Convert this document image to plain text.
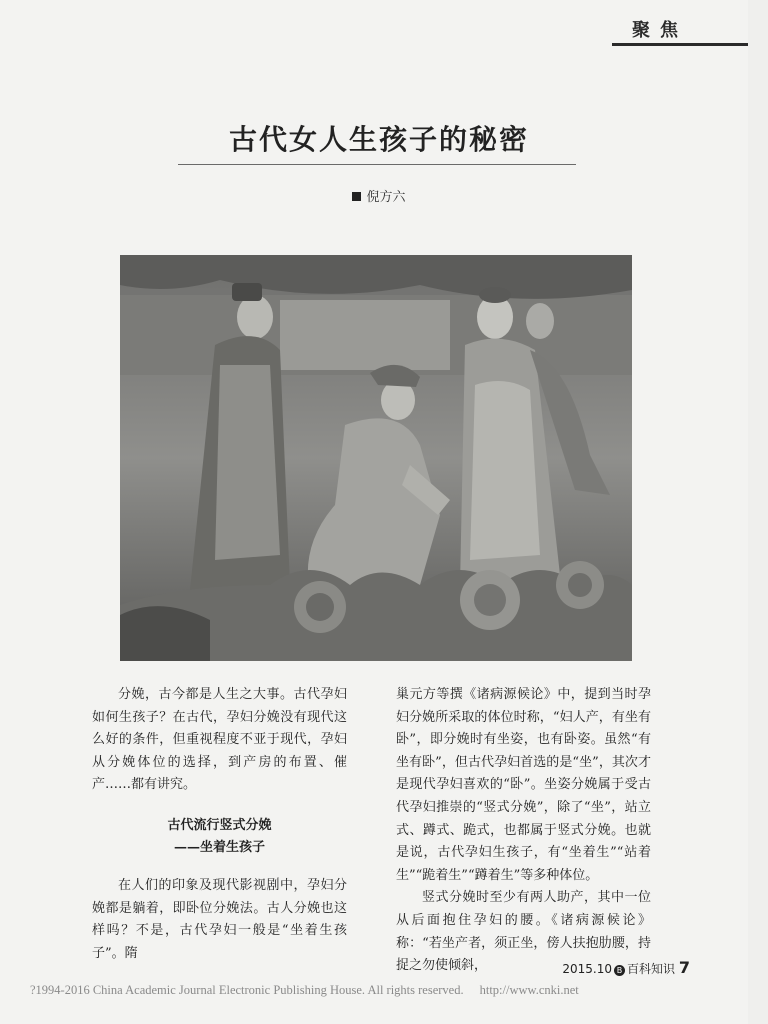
聚焦
古代女人生孩子的秘密
倪方六

分娩，古今都是人生之大事。古代孕妇如何生孩子？在古代，孕妇分娩没有现代这么好的条件，但重视程度不亚于现代，孕妇从分娩体位的选择，到产房的布置、催产……都有讲究。

古代流行竖式分娩
——坐着生孩子

在人们的印象及现代影视剧中，孕妇分娩都是躺着，即卧位分娩法。古人分娩也这样吗？不是，古代孕妇一般是“坐着生孩子”。隋

巢元方等撰《诸病源候论》中，提到当时孕妇分娩所采取的体位时称，“妇人产，有坐有卧”，即分娩时有坐姿，也有卧姿。虽然“有坐有卧”，但古代孕妇首选的是“坐”，其次才是现代孕妇喜欢的“卧”。坐姿分娩属于受古代孕妇推崇的“竖式分娩”，除了“坐”，站立式、蹲式、跪式，也都属于竖式分娩。也就是说，古代孕妇生孩子，有“坐着生”“站着生”“跪着生”“蹲着生”等多种体位。

竖式分娩时至少有两人助产，其中一位从后面抱住孕妇的腰。《诸病源候论》称：“若坐产者，须正坐，傍人扶抱肋腰，持捉之勿使倾斜，	2015.10 B 百科知识 7
?1994-2016 China Academic Journal Electronic Publishing House. All rights reserved. http://www.cnki.net
